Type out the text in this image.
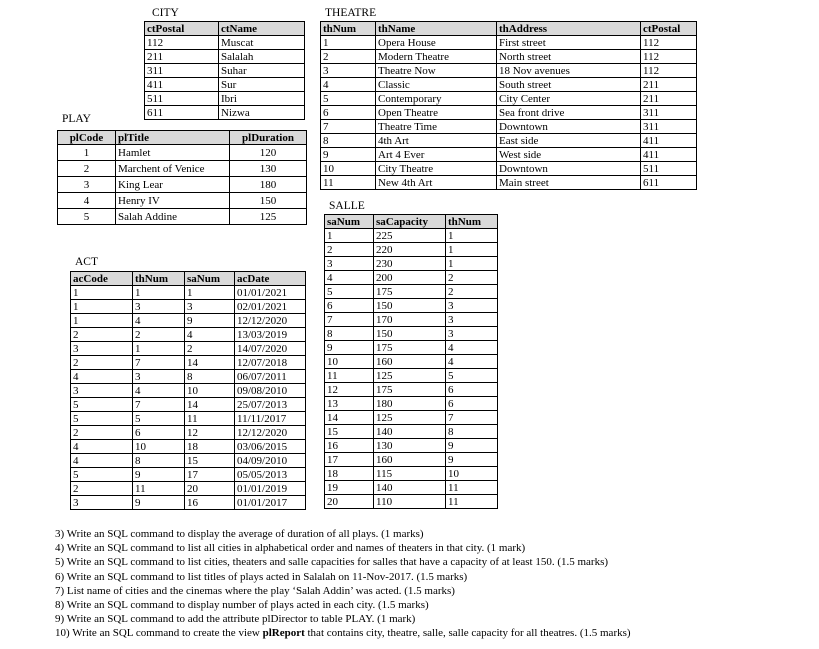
CITY
ctPostal	ctName
112	Muscat
211	Salalah
311	Suhar
411	Sur
511	Ibri
611	Nizwa
THEATRE
thNum	thName	thAddress	ctPostal
1	Opera House	First street	112
2	Modern Theatre	North street	112
3	Theatre Now	18 Nov avenues	112
4	Classic	South street	211
5	Contemporary	City Center	211
6	Open Theatre	Sea front drive	311
7	Theatre Time	Downtown	311
8	4th Art	East side	411
9	Art 4 Ever	West side	411
10	City Theatre	Downtown	511
11	New 4th Art	Main street	611
PLAY
plCode	plTitle	plDuration
1	Hamlet	120
2	Marchent of Venice	130
3	King Lear	180
4	Henry IV	150
5	Salah Addine	125
SALLE
saNum	saCapacity	thNum
1	225	1
2	220	1
3	230	1
4	200	2
5	175	2
6	150	3
7	170	3
8	150	3
9	175	4
10	160	4
11	125	5
12	175	6
13	180	6
14	125	7
15	140	8
16	130	9
17	160	9
18	115	10
19	140	11
20	110	11
ACT
acCode	thNum	saNum	acDate
1	1	1	01/01/2021
1	3	3	02/01/2021
1	4	9	12/12/2020
2	2	4	13/03/2019
3	1	2	14/07/2020
2	7	14	12/07/2018
4	3	8	06/07/2011
3	4	10	09/08/2010
5	7	14	25/07/2013
5	5	11	11/11/2017
2	6	12	12/12/2020
4	10	18	03/06/2015
4	8	15	04/09/2010
5	9	17	05/05/2013
2	11	20	01/01/2019
3	9	16	01/01/2017
3) Write an SQL command to display the average of duration of all plays. (1 marks)
4) Write an SQL command to list all cities in alphabetical order and names of theaters in that city. (1 mark)
5) Write an SQL command to list cities, theaters and salle capacities for salles that have a capacity of at least 150. (1.5 marks)
6) Write an SQL command to list titles of plays acted in Salalah on 11-Nov-2017. (1.5 marks)
7) List name of cities and the cinemas where the play ‘Salah Addin’ was acted. (1.5 marks)
8) Write an SQL command to display number of plays acted in each city. (1.5 marks)
9) Write an SQL command to add the attribute plDirector to table PLAY. (1 mark)
10) Write an SQL command to create the view plReport that contains city, theatre, salle, salle capacity for all theatres. (1.5 marks)
